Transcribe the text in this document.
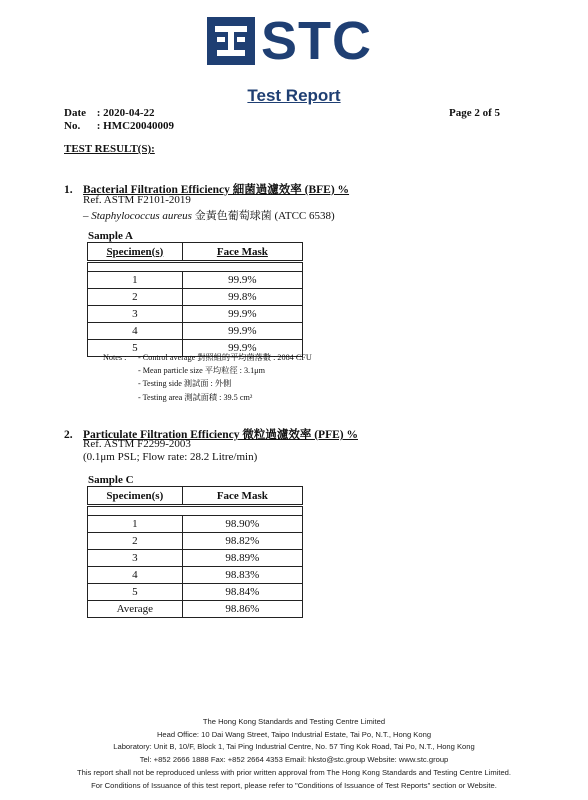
STC
Test Report
Date : 2020-04-22
No. : HMC20040009
Page 2 of 5
TEST RESULT(S):
1. Bacterial Filtration Efficiency 細菌過濾效率 (BFE) %
Ref. ASTM F2101-2019
– Staphylococcus aureus 金黃色葡萄球菌 (ATCC 6538)
Sample A
Specimen(s)	Face Mask

1	99.9%
2	99.8%
3	99.9%
4	99.9%
5	99.9%
Notes : - Control average 對照組的平均菌落數 : 2084 CFU
- Mean particle size 平均粒徑 : 3.1μm
- Testing side 測試面 : 外側
- Testing area 測試面積 : 39.5 cm²
2. Particulate Filtration Efficiency 微粒過濾效率 (PFE) %
Ref. ASTM F2299-2003
(0.1μm PSL; Flow rate: 28.2 Litre/min)
Sample C
Specimen(s)	Face Mask

1	98.90%
2	98.82%
3	98.89%
4	98.83%
5	98.84%
Average	98.86%
The Hong Kong Standards and Testing Centre Limited
Head Office: 10 Dai Wang Street, Taipo Industrial Estate, Tai Po, N.T., Hong Kong
Laboratory: Unit B, 10/F, Block 1, Tai Ping Industrial Centre, No. 57 Ting Kok Road, Tai Po, N.T., Hong Kong
Tel: +852 2666 1888 Fax: +852 2664 4353 Email: hksto@stc.group Website: www.stc.group
This report shall not be reproduced unless with prior written approval from The Hong Kong Standards and Testing Centre Limited.
For Conditions of Issuance of this test report, please refer to "Conditions of Issuance of Test Reports" section or Website.
